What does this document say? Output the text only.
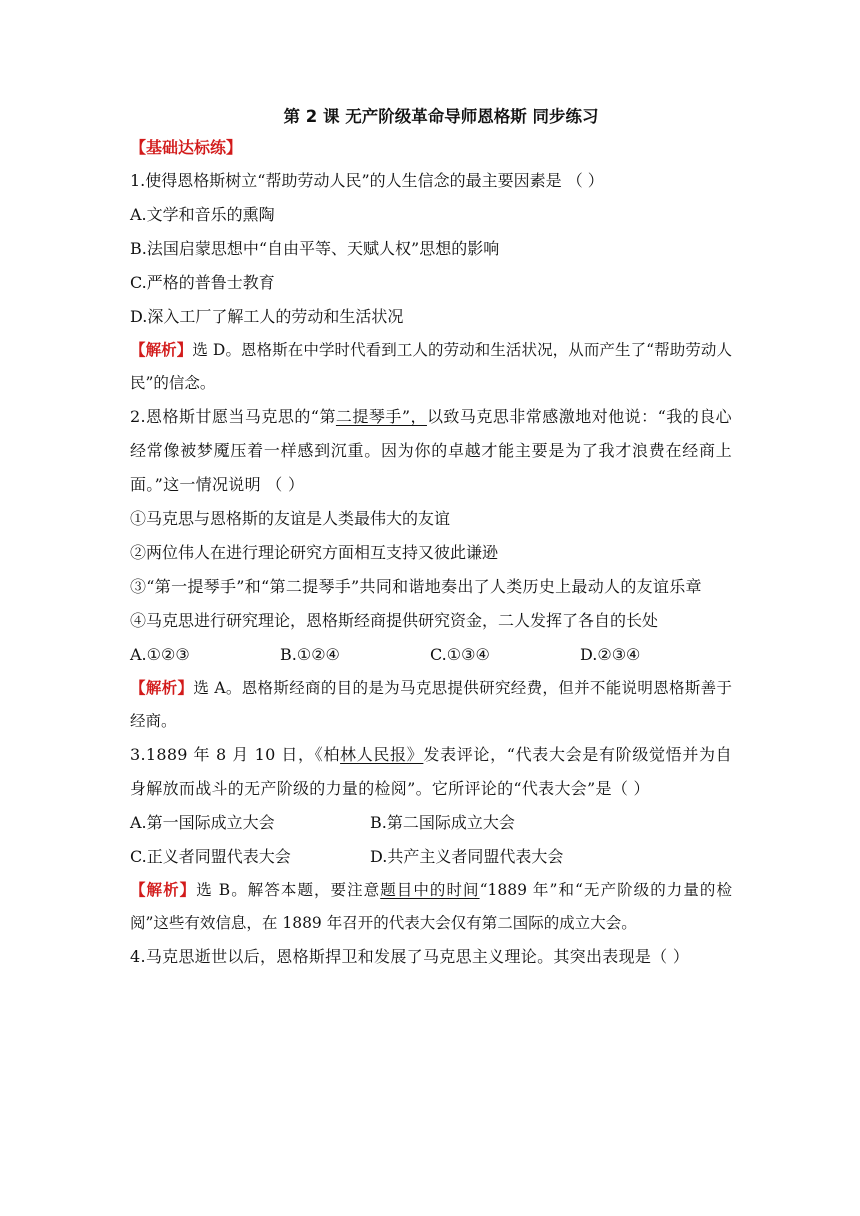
第 2 课 无产阶级革命导师恩格斯 同步练习
【基础达标练】
1.使得恩格斯树立“帮助劳动人民”的人生信念的最主要因素是 （ ）
A.文学和音乐的熏陶
B.法国启蒙思想中“自由平等、天赋人权”思想的影响
C.严格的普鲁士教育
D.深入工厂了解工人的劳动和生活状况
【解析】选 D。恩格斯在中学时代看到工人的劳动和生活状况，从而产生了“帮助劳动人民”的信念。
2.恩格斯甘愿当马克思的“第二提琴手”，以致马克思非常感激地对他说：“我的良心经常像被梦魇压着一样感到沉重。因为你的卓越才能主要是为了我才浪费在经商上面。”这一情况说明 （ ）
①马克思与恩格斯的友谊是人类最伟大的友谊
②两位伟人在进行理论研究方面相互支持又彼此谦逊
③“第一提琴手”和“第二提琴手”共同和谐地奏出了人类历史上最动人的友谊乐章
④马克思进行研究理论，恩格斯经商提供研究资金，二人发挥了各自的长处
A.①②③	B.①②④	C.①③④	D.②③④
【解析】选 A。恩格斯经商的目的是为马克思提供研究经费，但并不能说明恩格斯善于经商。
3.1889 年 8 月 10 日，《柏林人民报》发表评论，“代表大会是有阶级觉悟并为自身解放而战斗的无产阶级的力量的检阅”。它所评论的“代表大会”是（ ）
A.第一国际成立大会	B.第二国际成立大会
C.正义者同盟代表大会	D.共产主义者同盟代表大会
【解析】选 B。解答本题，要注意题目中的时间“1889 年”和“无产阶级的力量的检阅”这些有效信息，在 1889 年召开的代表大会仅有第二国际的成立大会。
4.马克思逝世以后，恩格斯捍卫和发展了马克思主义理论。其突出表现是（ ）
